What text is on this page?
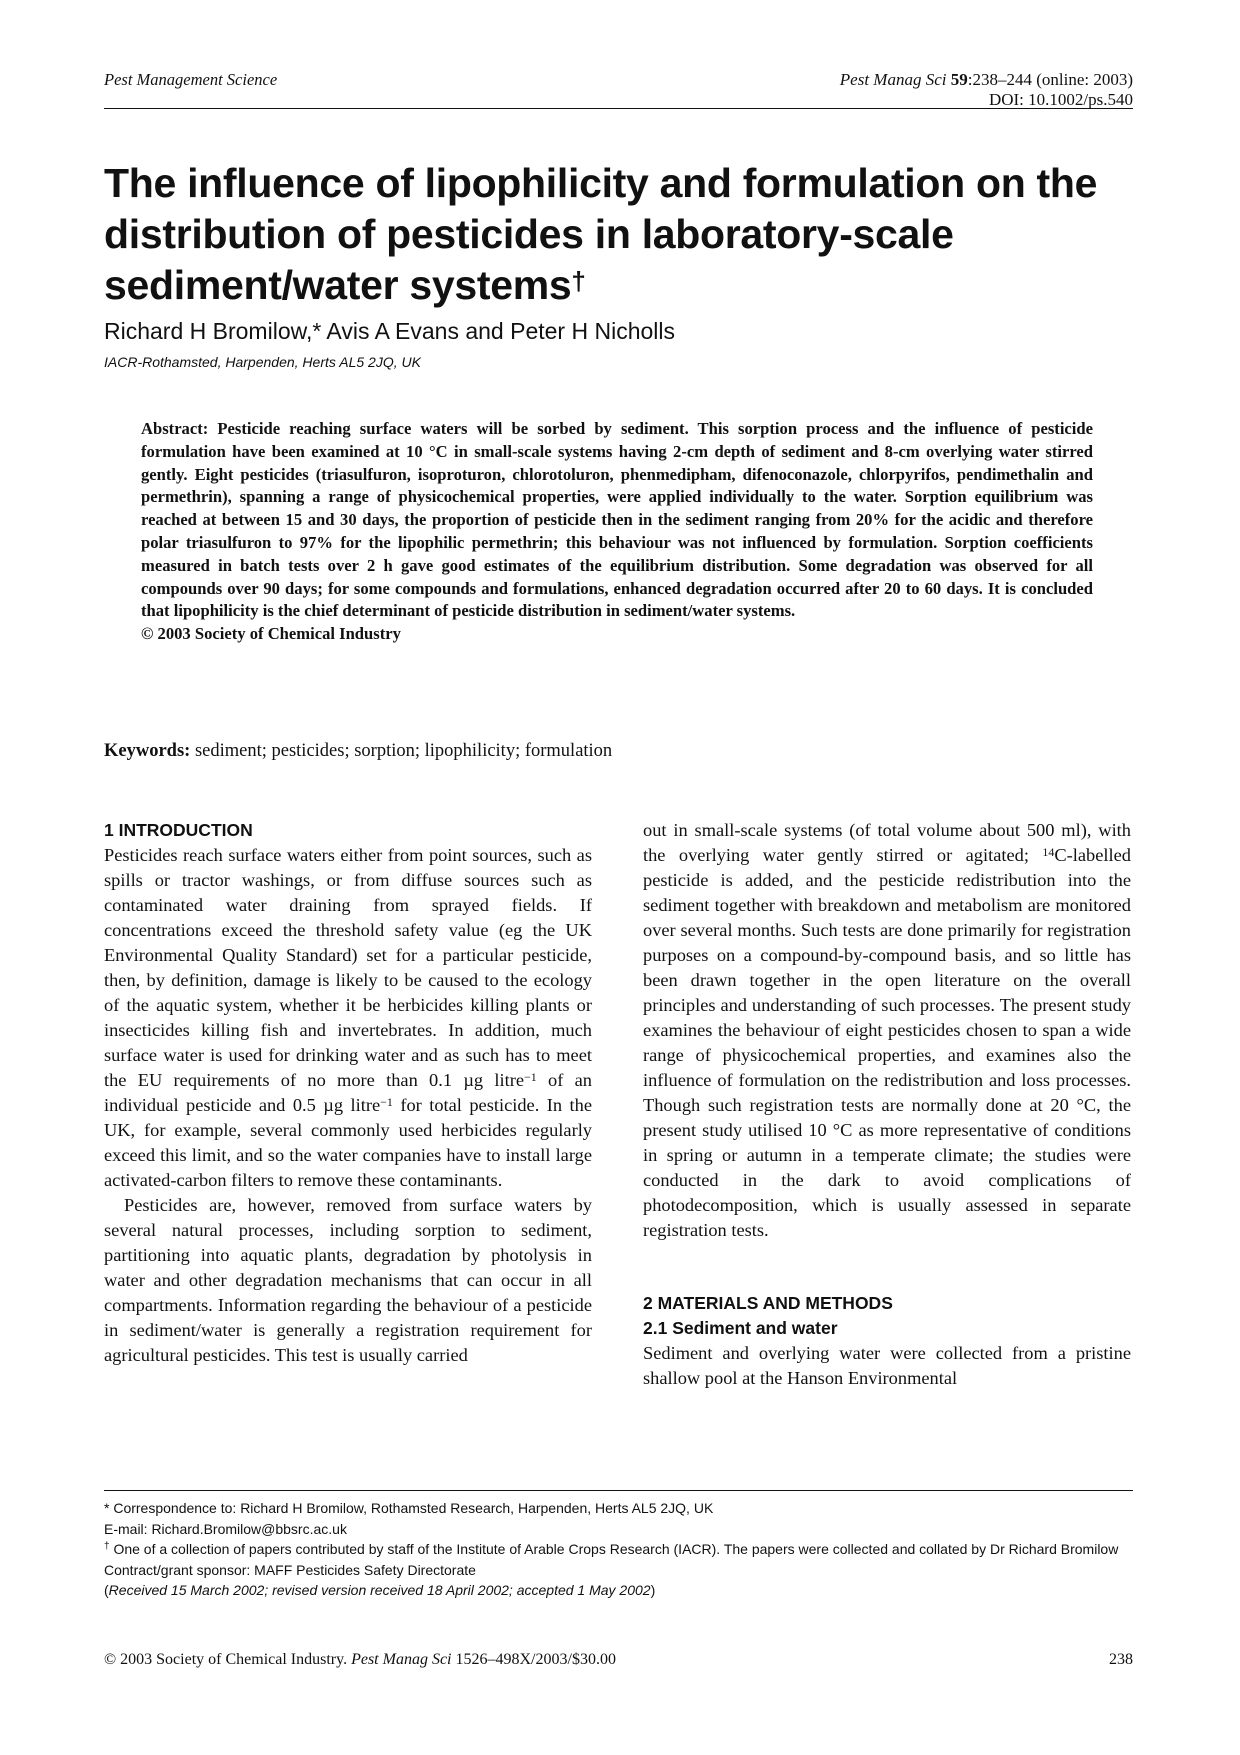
Pest Management Science	Pest Manag Sci 59:238–244 (online: 2003)
DOI: 10.1002/ps.540
The influence of lipophilicity and formulation on the distribution of pesticides in laboratory-scale sediment/water systems†
Richard H Bromilow,* Avis A Evans and Peter H Nicholls
IACR-Rothamsted, Harpenden, Herts AL5 2JQ, UK
Abstract: Pesticide reaching surface waters will be sorbed by sediment. This sorption process and the influence of pesticide formulation have been examined at 10 °C in small-scale systems having 2-cm depth of sediment and 8-cm overlying water stirred gently. Eight pesticides (triasulfuron, isoproturon, chlorotoluron, phenmedipham, difenoconazole, chlorpyrifos, pendimethalin and permethrin), spanning a range of physicochemical properties, were applied individually to the water. Sorption equilibrium was reached at between 15 and 30 days, the proportion of pesticide then in the sediment ranging from 20% for the acidic and therefore polar triasulfuron to 97% for the lipophilic permethrin; this behaviour was not influenced by formulation. Sorption coefficients measured in batch tests over 2 h gave good estimates of the equilibrium distribution. Some degradation was observed for all compounds over 90 days; for some compounds and formulations, enhanced degradation occurred after 20 to 60 days. It is concluded that lipophilicity is the chief determinant of pesticide distribution in sediment/water systems.
© 2003 Society of Chemical Industry
Keywords: sediment; pesticides; sorption; lipophilicity; formulation
1 INTRODUCTION

Pesticides reach surface waters either from point sources, such as spills or tractor washings, or from diffuse sources such as contaminated water draining from sprayed fields. If concentrations exceed the threshold safety value (eg the UK Environmental Quality Standard) set for a particular pesticide, then, by definition, damage is likely to be caused to the ecology of the aquatic system, whether it be herbicides killing plants or insecticides killing fish and invertebrates. In addition, much surface water is used for drinking water and as such has to meet the EU requirements of no more than 0.1 µg litre$^{-1}$ of an individual pesticide and 0.5 µg litre$^{-1}$ for total pesticide. In the UK, for example, several commonly used herbicides regularly exceed this limit, and so the water companies have to install large activated-carbon filters to remove these contaminants.

Pesticides are, however, removed from surface waters by several natural processes, including sorption to sediment, partitioning into aquatic plants, degradation by photolysis in water and other degradation mechanisms that can occur in all compartments. Information regarding the behaviour of a pesticide in sediment/water is generally a registration requirement for agricultural pesticides. This test is usually carried

out in small-scale systems (of total volume about 500 ml), with the overlying water gently stirred or agitated; $^{14}$C-labelled pesticide is added, and the pesticide redistribution into the sediment together with breakdown and metabolism are monitored over several months. Such tests are done primarily for registration purposes on a compound-by-compound basis, and so little has been drawn together in the open literature on the overall principles and understanding of such processes. The present study examines the behaviour of eight pesticides chosen to span a wide range of physicochemical properties, and examines also the influence of formulation on the redistribution and loss processes. Though such registration tests are normally done at 20 °C, the present study utilised 10 °C as more representative of conditions in spring or autumn in a temperate climate; the studies were conducted in the dark to avoid complications of photodecomposition, which is usually assessed in separate registration tests.

2 MATERIALS AND METHODS
2.1 Sediment and water

Sediment and overlying water were collected from a pristine shallow pool at the Hanson Environmental

* Correspondence to: Richard H Bromilow, Rothamsted Research, Harpenden, Herts AL5 2JQ, UK
E-mail: Richard.Bromilow@bbsrc.ac.uk
† One of a collection of papers contributed by staff of the Institute of Arable Crops Research (IACR). The papers were collected and collated by Dr Richard Bromilow
Contract/grant sponsor: MAFF Pesticides Safety Directorate
(Received 15 March 2002; revised version received 18 April 2002; accepted 1 May 2002)
© 2003 Society of Chemical Industry. Pest Manag Sci 1526–498X/2003/$30.00	238
